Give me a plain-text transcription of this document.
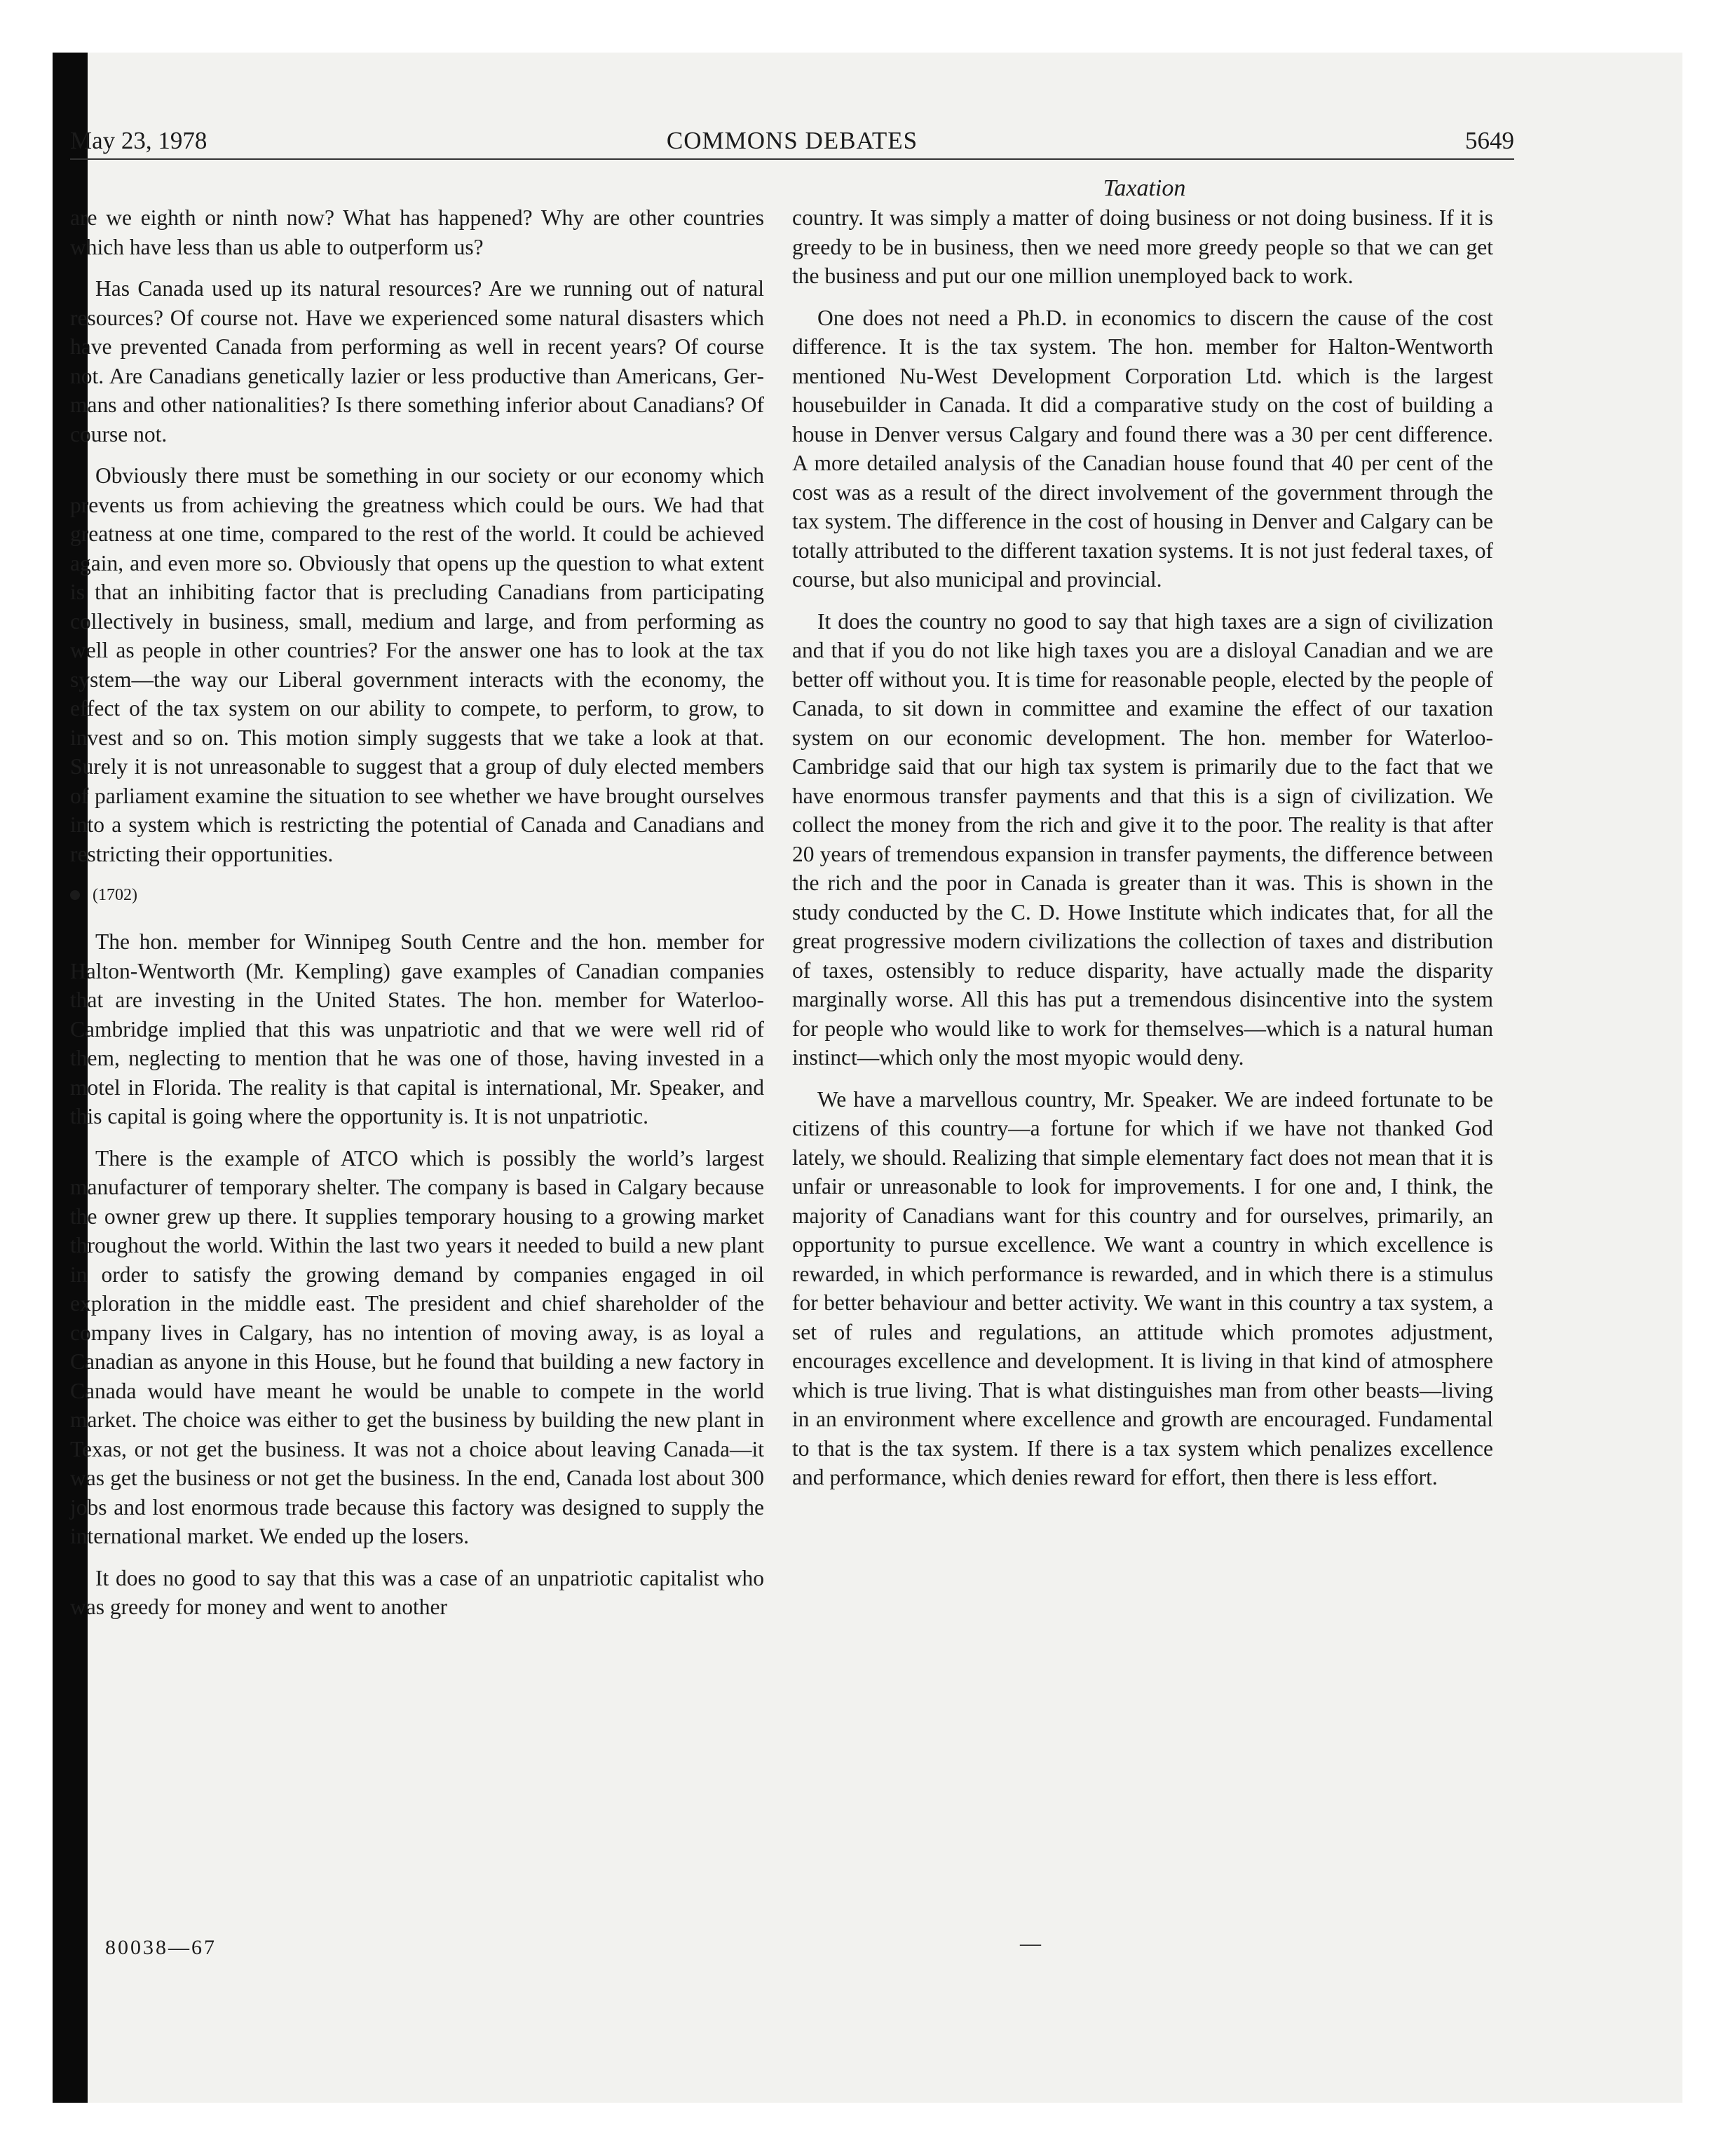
May 23, 1978	COMMONS DEBATES	5649
Taxation

are we eighth or ninth now? What has happened? Why are other countries which have less than us able to outperform us?

Has Canada used up its natural resources? Are we running out of natural resources? Of course not. Have we experienced some natural disasters which have prevented Canada from performing as well in recent years? Of course not. Are Canadians genetically lazier or less productive than Americans, Germans and other nationalities? Is there something inferior about Canadians? Of course not.

Obviously there must be something in our society or our economy which prevents us from achieving the greatness which could be ours. We had that greatness at one time, compared to the rest of the world. It could be achieved again, and even more so. Obviously that opens up the question to what extent is that an inhibiting factor that is precluding Canadians from participating collectively in business, small, medium and large, and from performing as well as people in other countries? For the answer one has to look at the tax system—the way our Liberal government interacts with the economy, the effect of the tax system on our ability to compete, to perform, to grow, to invest and so on. This motion simply suggests that we take a look at that. Surely it is not unreasonable to suggest that a group of duly elected members of parliament examine the situation to see whether we have brought ourselves into a system which is restricting the potential of Canada and Canadians and restricting their opportunities.

(1702)

The hon. member for Winnipeg South Centre and the hon. member for Halton-Wentworth (Mr. Kempling) gave examples of Canadian companies that are investing in the United States. The hon. member for Waterloo-Cambridge implied that this was unpatriotic and that we were well rid of them, neglecting to mention that he was one of those, having invested in a motel in Florida. The reality is that capital is international, Mr. Speaker, and this capital is going where the opportunity is. It is not unpatriotic.

There is the example of ATCO which is possibly the world’s largest manufacturer of temporary shelter. The company is based in Calgary because the owner grew up there. It supplies temporary housing to a growing market throughout the world. Within the last two years it needed to build a new plant in order to satisfy the growing demand by companies engaged in oil exploration in the middle east. The president and chief shareholder of the company lives in Calgary, has no intention of moving away, is as loyal a Canadian as anyone in this House, but he found that building a new factory in Canada would have meant he would be unable to compete in the world market. The choice was either to get the business by building the new plant in Texas, or not get the business. It was not a choice about leaving Canada—it was get the business or not get the business. In the end, Canada lost about 300 jobs and lost enormous trade because this factory was designed to supply the international market. We ended up the losers.

It does no good to say that this was a case of an unpatriotic capitalist who was greedy for money and went to another

country. It was simply a matter of doing business or not doing business. If it is greedy to be in business, then we need more greedy people so that we can get the business and put our one million unemployed back to work.

One does not need a Ph.D. in economics to discern the cause of the cost difference. It is the tax system. The hon. member for Halton-Wentworth mentioned Nu-West Development Corporation Ltd. which is the largest housebuilder in Canada. It did a comparative study on the cost of building a house in Denver versus Calgary and found there was a 30 per cent difference. A more detailed analysis of the Canadian house found that 40 per cent of the cost was as a result of the direct involvement of the government through the tax system. The difference in the cost of housing in Denver and Calgary can be totally attributed to the different taxation systems. It is not just federal taxes, of course, but also municipal and provincial.

It does the country no good to say that high taxes are a sign of civilization and that if you do not like high taxes you are a disloyal Canadian and we are better off without you. It is time for reasonable people, elected by the people of Canada, to sit down in committee and examine the effect of our taxation system on our economic development. The hon. member for Waterloo-Cambridge said that our high tax system is primarily due to the fact that we have enormous transfer payments and that this is a sign of civilization. We collect the money from the rich and give it to the poor. The reality is that after 20 years of tremendous expansion in transfer payments, the difference between the rich and the poor in Canada is greater than it was. This is shown in the study conducted by the C. D. Howe Institute which indicates that, for all the great progressive modern civilizations the collection of taxes and distribution of taxes, ostensibly to reduce disparity, have actually made the disparity marginally worse. All this has put a tremendous disincentive into the system for people who would like to work for themselves—which is a natural human instinct—which only the most myopic would deny.

We have a marvellous country, Mr. Speaker. We are indeed fortunate to be citizens of this country—a fortune for which if we have not thanked God lately, we should. Realizing that simple elementary fact does not mean that it is unfair or unreasonable to look for improvements. I for one and, I think, the majority of Canadians want for this country and for ourselves, primarily, an opportunity to pursue excellence. We want a country in which excellence is rewarded, in which performance is rewarded, and in which there is a stimulus for better behaviour and better activity. We want in this country a tax system, a set of rules and regulations, an attitude which promotes adjustment, encourages excellence and development. It is living in that kind of atmosphere which is true living. That is what distinguishes man from other beasts—living in an environment where excellence and growth are encouraged. Fundamental to that is the tax system. If there is a tax system which penalizes excellence and performance, which denies reward for effort, then there is less effort.

80038—67	—
